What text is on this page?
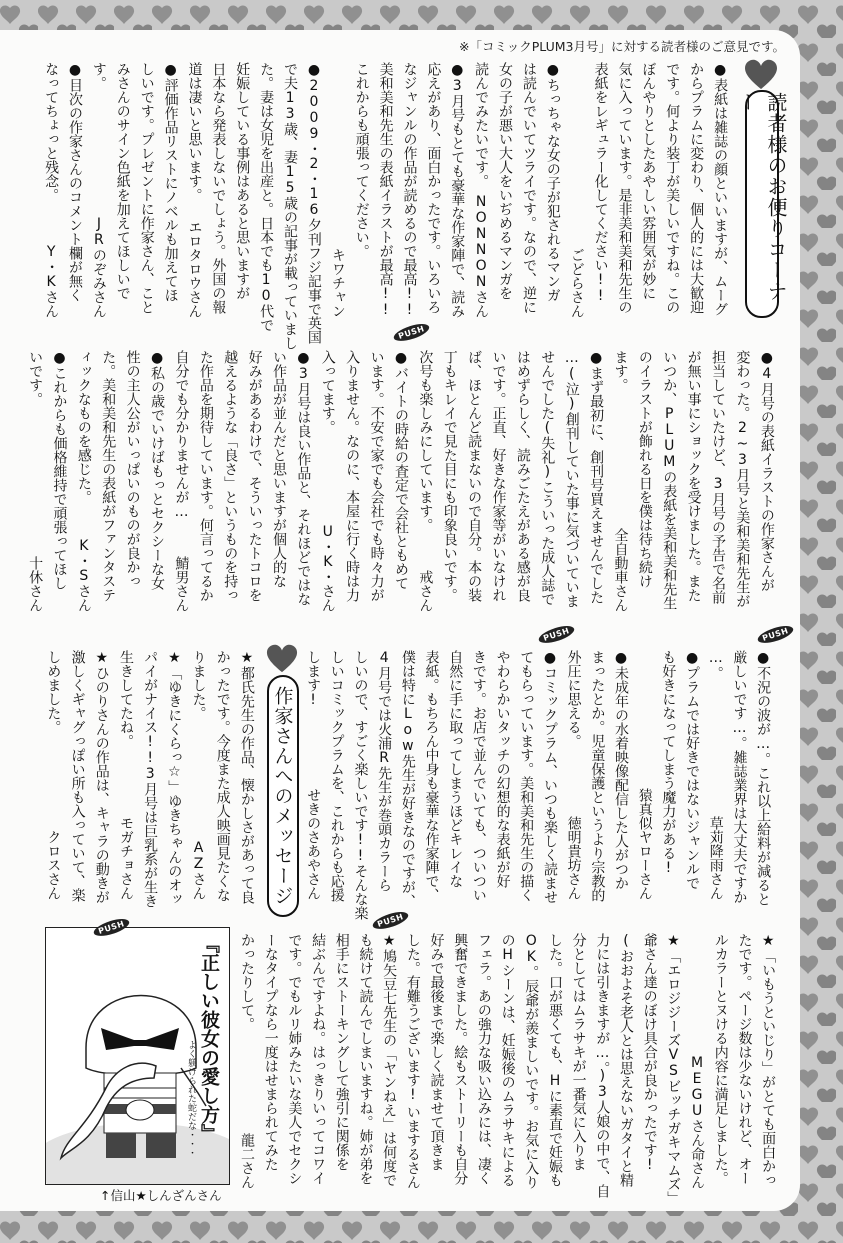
※「コミックPLUM3月号」に対する読者様のご意見です。
読者様のお便りコーナー
作家さんへのメッセージ
●表紙は雑誌の顔といいますが、ムーグ
からプラムに変わり、個人的には大歓迎
です。何より装丁が美しいですね。この
ぼんやりとしたあやしい雰囲気が妙に
気に入っています。是非美和美和先生の
表紙をレギュラー化してください!!
ごどらさん
●ちっちゃな女の子が犯されるマンガ
は読んでいてツライです。なので、逆に
女の子が悪い大人をいぢめるマンガを
読んでみたいです。
NONNONさん
●3月号もとても豪華な作家陣で、読み
応えがあり、面白かったです。いろいろ
なジャンルの作品が読めるので最高!!
美和美和先生の表紙イラストが最高!!
これからも頑張ってください。
キワチャン
●2009・2・16夕刊フジ記事で英国
で夫13歳、妻15歳の記事が載っていまし
た。妻は女児を出産と。日本でも10代で
妊娠している事例はあると思いますが
日本なら発表しないでしょう。外国の報
道は凄いと思います。
エロタロウさん
●評価作品リストにノベルも加えてほ
しいです。プレゼントに作家さん、こと
みさんのサイン色紙を加えてほしいで
す。
JRのぞみさん
●目次の作家さんのコメント欄が無く
なってちょっと残念。
Y・Kさん
●4月号の表紙イラストの作家さんが
変わった。2~3月号と美和美和先生が
担当していたけど、3月号の予告で名前
が無い事にショックを受けました。また
いつか、PLUMの表紙を美和美和先生
のイラストが飾れる日を僕は待ち続け
ます。
全自動車さん
●まず最初に、創刊号買えませんでした
…(泣)創刊していた事に気づいていま
せんでした(失礼)こういった成人誌で
はめずらしく、読みごたえがある感が良
いです。正直、好きな作家等がいなけれ
ば、ほとんど読まないので自分。本の装
丁もキレイで見た目にも印象良いです。
次号も楽しみにしています。
戒さん
●バイトの時給の査定で会社ともめて
います。不安で家でも会社でも時々力が
入りません。なのに、本屋に行く時は力
入ってます。
U・K・さん
●3月号は良い作品と、それほどではな
い作品が並んだと思いますが個人的な
好みがあるわけで、そういったトコロを
越えるような「良さ」というものを持っ
た作品を期待しています。何言ってるか
自分でも分かりませんが…
鯖男さん
●私の歳でいけばもっとセクシーな女
性の主人公がいっぱいのものが良かっ
た。美和美和先生の表紙がファンタステ
ィックなものを感じた。
K・Sさん
●これからも価格維持で頑張ってほし
いです。
十休さん
●不況の波が…。これ以上給料が減ると
厳しいです…。雑誌業界は大丈夫ですか
…。
草苅降雨さん
●プラムでは好きではないジャンルで
も好きになってしまう魔力がある!
猿真似ヤローさん
●未成年の水着映像配信した人がつか
まったとか。児童保護というより宗教的
外圧に思える。
徳明貴坊さん
●コミックプラム、いつも楽しく読ませ
てもらっています。美和美和先生の描く
やわらかいタッチの幻想的な表紙が好
きです。お店で並んでいても、ついつい
自然に手に取ってしまうほどキレイな
表紙。もちろん中身も豪華な作家陣で、
僕は特にLow先生が好きなのですが、
4月号では火浦R先生が巻頭カラーら
しいので、すごく楽しいです!!そんな楽
しいコミックプラムを、これからも応援
します!
せきのさあやさん
★都氏先生の作品、懐かしさがあって良
かったです。今度また成人映画見たくな
りました。
AZさん
★「ゆきにくらっ☆」ゆきちゃんのオッ
パイがナイス!!3月号は巨乳系が生き
生きしてたね。
モガチョさん
★ひのりさんの作品は、キャラの動きが
激しくギャグっぽい所も入っていて、楽
しめました。
クロスさん
★「いもうといじり」がとても面白かっ
たです。ページ数は少ないけれど、オー
ルカラーとヌける内容に満足しました。
MEGUさん命さん
★「エロジジーズVSビッチガキマムズ」
爺さん達のぼけ具合が良かったです!
(おおよそ老人とは思えないガタイと精
力には引きますが…。)3人娘の中で、自
分としてはムラサキが一番気に入りま
した。口が悪くても、Hに素直で妊娠も
OK。辰爺が羨ましいです。お気に入り
のHシーンは、妊娠後のムラサキによる
フェラ。あの強力な吸い込みには、凄く
興奮できました。絵もストーリーも自分
好みで最後まで楽しく読ませて頂きま
した。有難うございます!
いまするさん
★鳩矢豆七先生の「ヤンねえ」は何度で
も続けて読んでしまいますね。姉が弟を
相手にストーキングして強引に関係を
結ぶんですよね。はっきりいってコワイ
です。でもルリ姉みたいな美人でセクシ
ーなタイプなら一度はせまられてみた
かったりして。
龍二さん
PUSH
PUSH
PUSH
PUSH
『正しい彼女の愛し方』
よく躾けられた蛇だな・・・
PUSH
↑信山★しんざんさん
